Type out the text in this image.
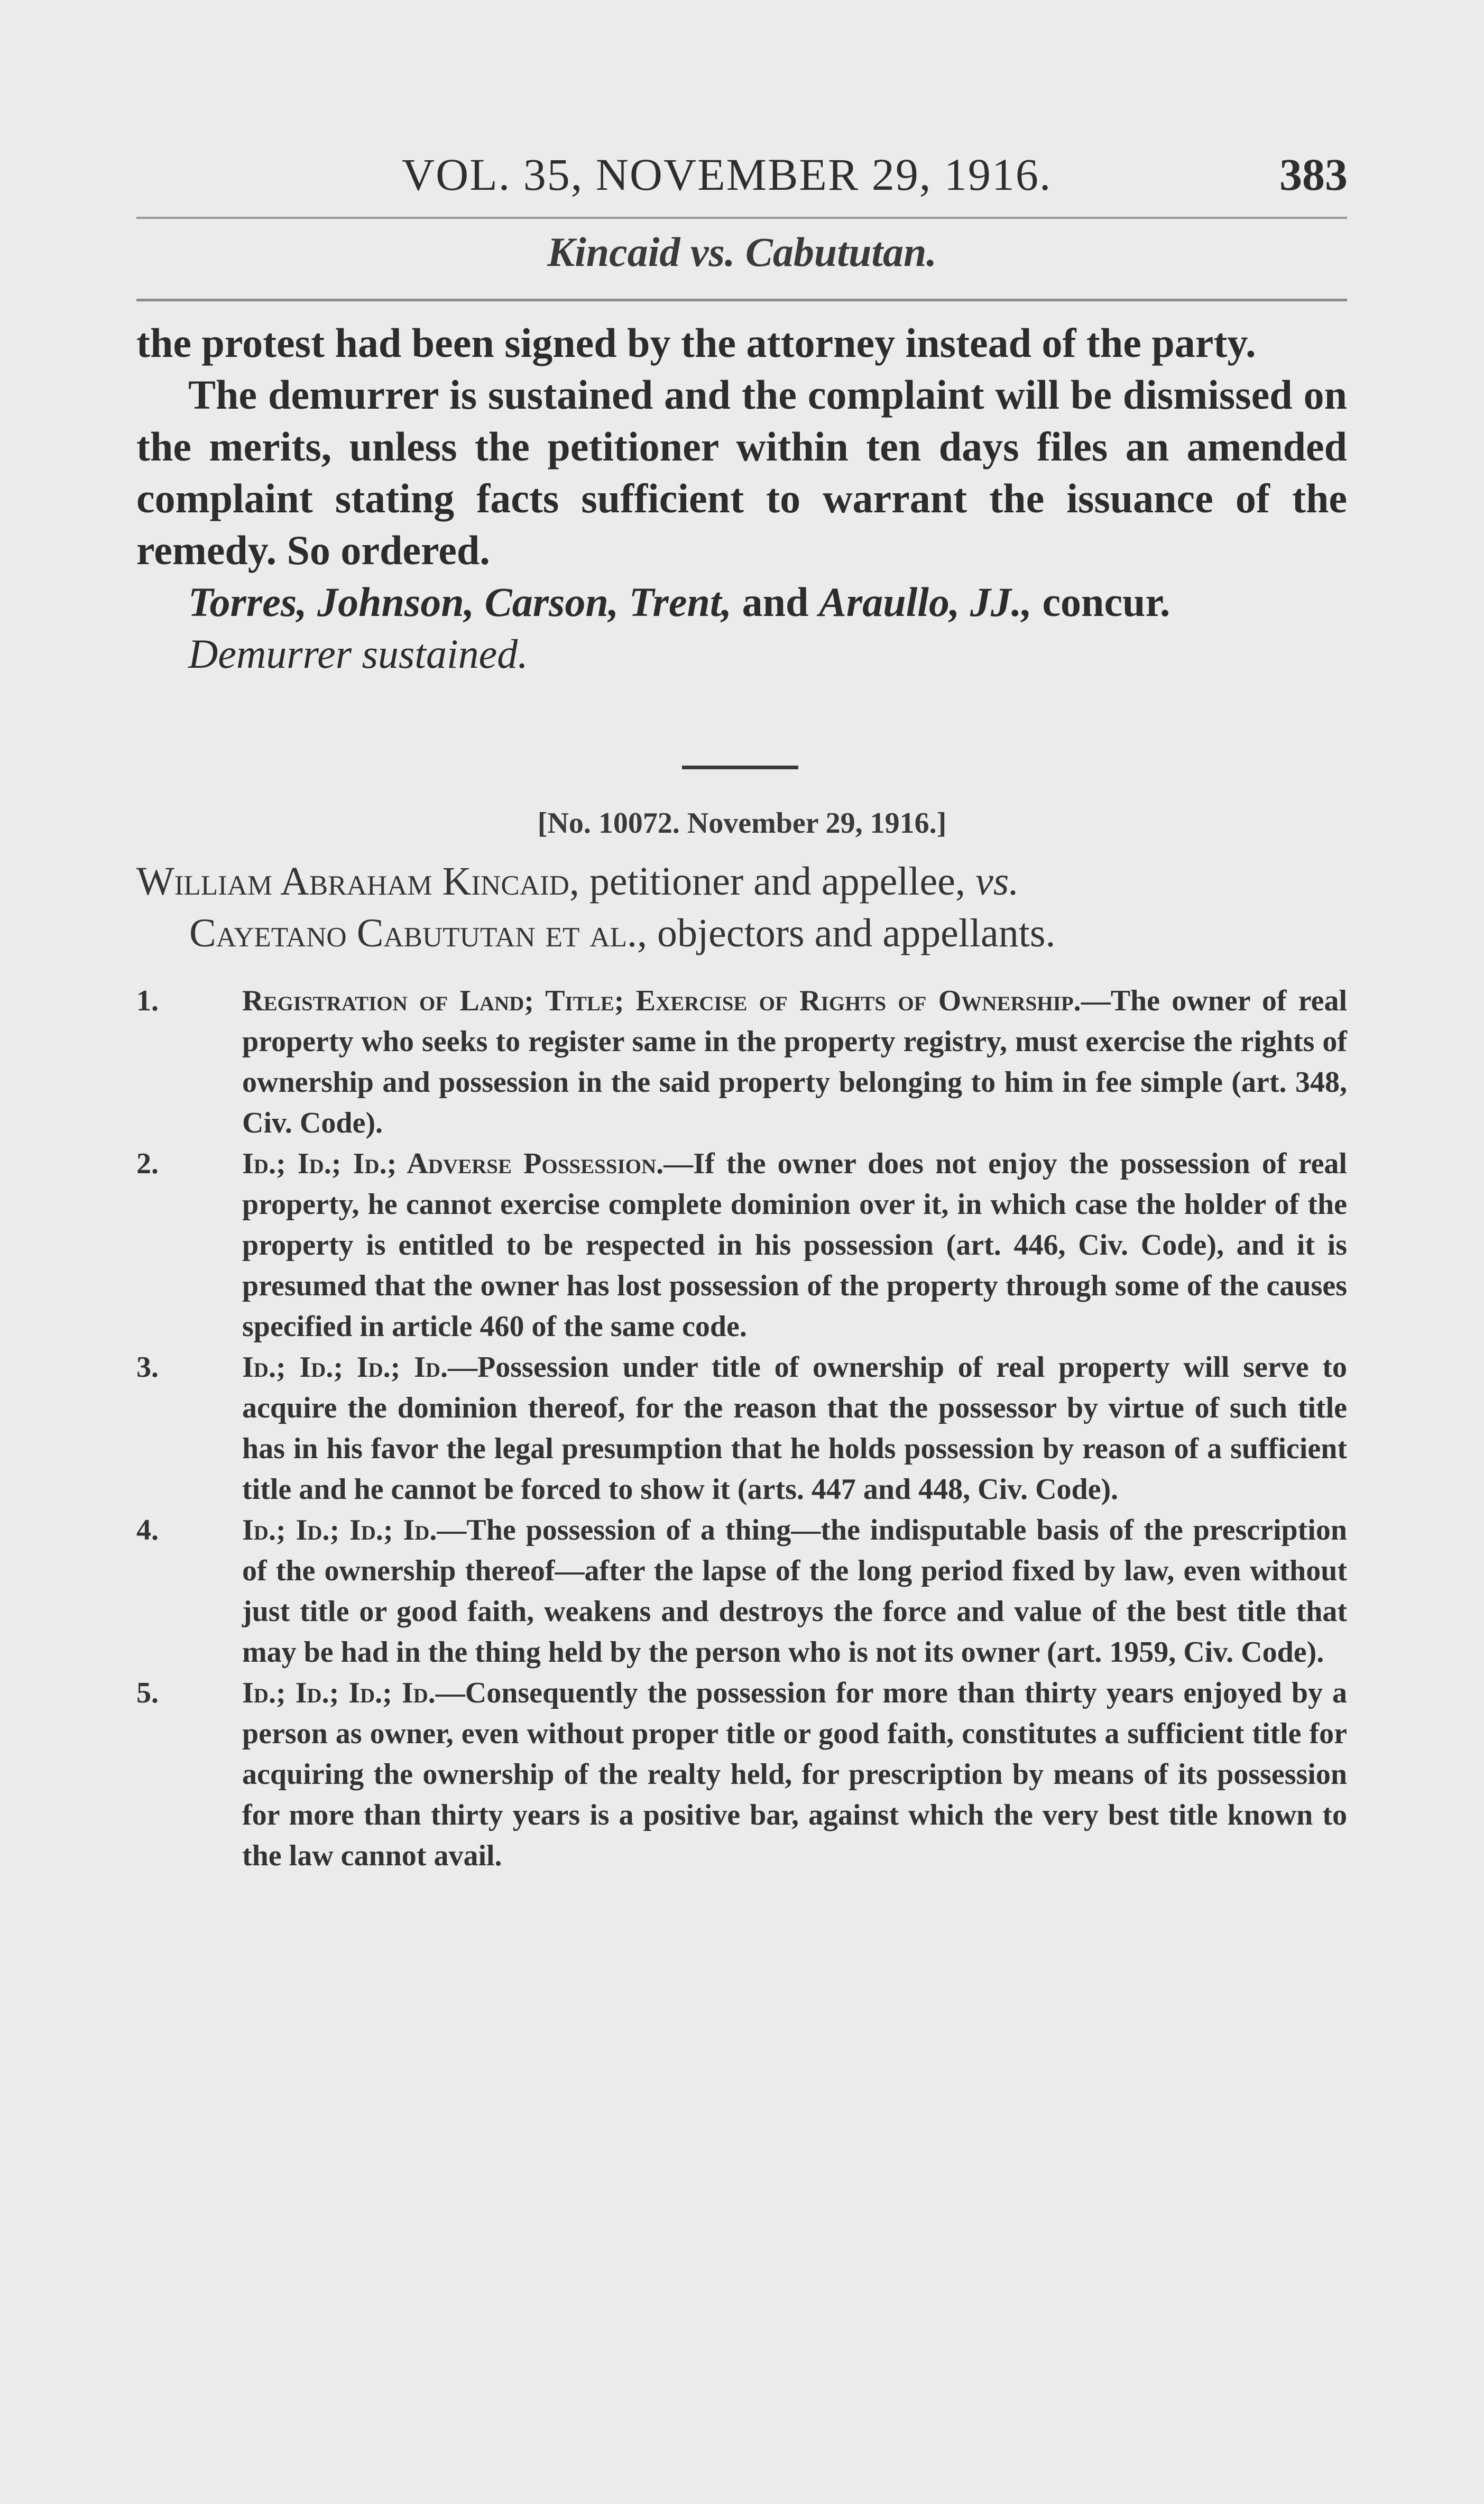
VOL. 35, NOVEMBER 29, 1916.	383
Kincaid vs. Cabututan.

the protest had been signed by the attorney instead of the party.

The demurrer is sustained and the complaint will be dismissed on the merits, unless the petitioner within ten days files an amended complaint stating facts sufficient to warrant the issuance of the remedy. So ordered.

Torres, Johnson, Carson, Trent, and Araullo, JJ., concur.

Demurrer sustained.

[No. 10072. November 29, 1916.]

William Abraham Kincaid, petitioner and appellee, vs.

Cayetano Cabututan et al., objectors and appellants.

1.	Registration of Land; Title; Exercise of Rights of Ownership.—The owner of real property who seeks to register same in the property registry, must exercise the rights of ownership and possession in the said property belonging to him in fee simple (art. 348, Civ. Code).

2.	Id.; Id.; Id.; Adverse Possession.—If the owner does not enjoy the possession of real property, he cannot exercise complete dominion over it, in which case the holder of the property is entitled to be respected in his possession (art. 446, Civ. Code), and it is presumed that the owner has lost possession of the property through some of the causes specified in article 460 of the same code.

3.	Id.; Id.; Id.; Id.—Possession under title of ownership of real property will serve to acquire the dominion thereof, for the reason that the possessor by virtue of such title has in his favor the legal presumption that he holds possession by reason of a sufficient title and he cannot be forced to show it (arts. 447 and 448, Civ. Code).

4.	Id.; Id.; Id.; Id.—The possession of a thing—the indisputable basis of the prescription of the ownership thereof—after the lapse of the long period fixed by law, even without just title or good faith, weakens and destroys the force and value of the best title that may be had in the thing held by the person who is not its owner (art. 1959, Civ. Code).

5.	Id.; Id.; Id.; Id.—Consequently the possession for more than thirty years enjoyed by a person as owner, even without proper title or good faith, constitutes a sufficient title for acquiring the ownership of the realty held, for prescription by means of its possession for more than thirty years is a positive bar, against which the very best title known to the law cannot avail.
